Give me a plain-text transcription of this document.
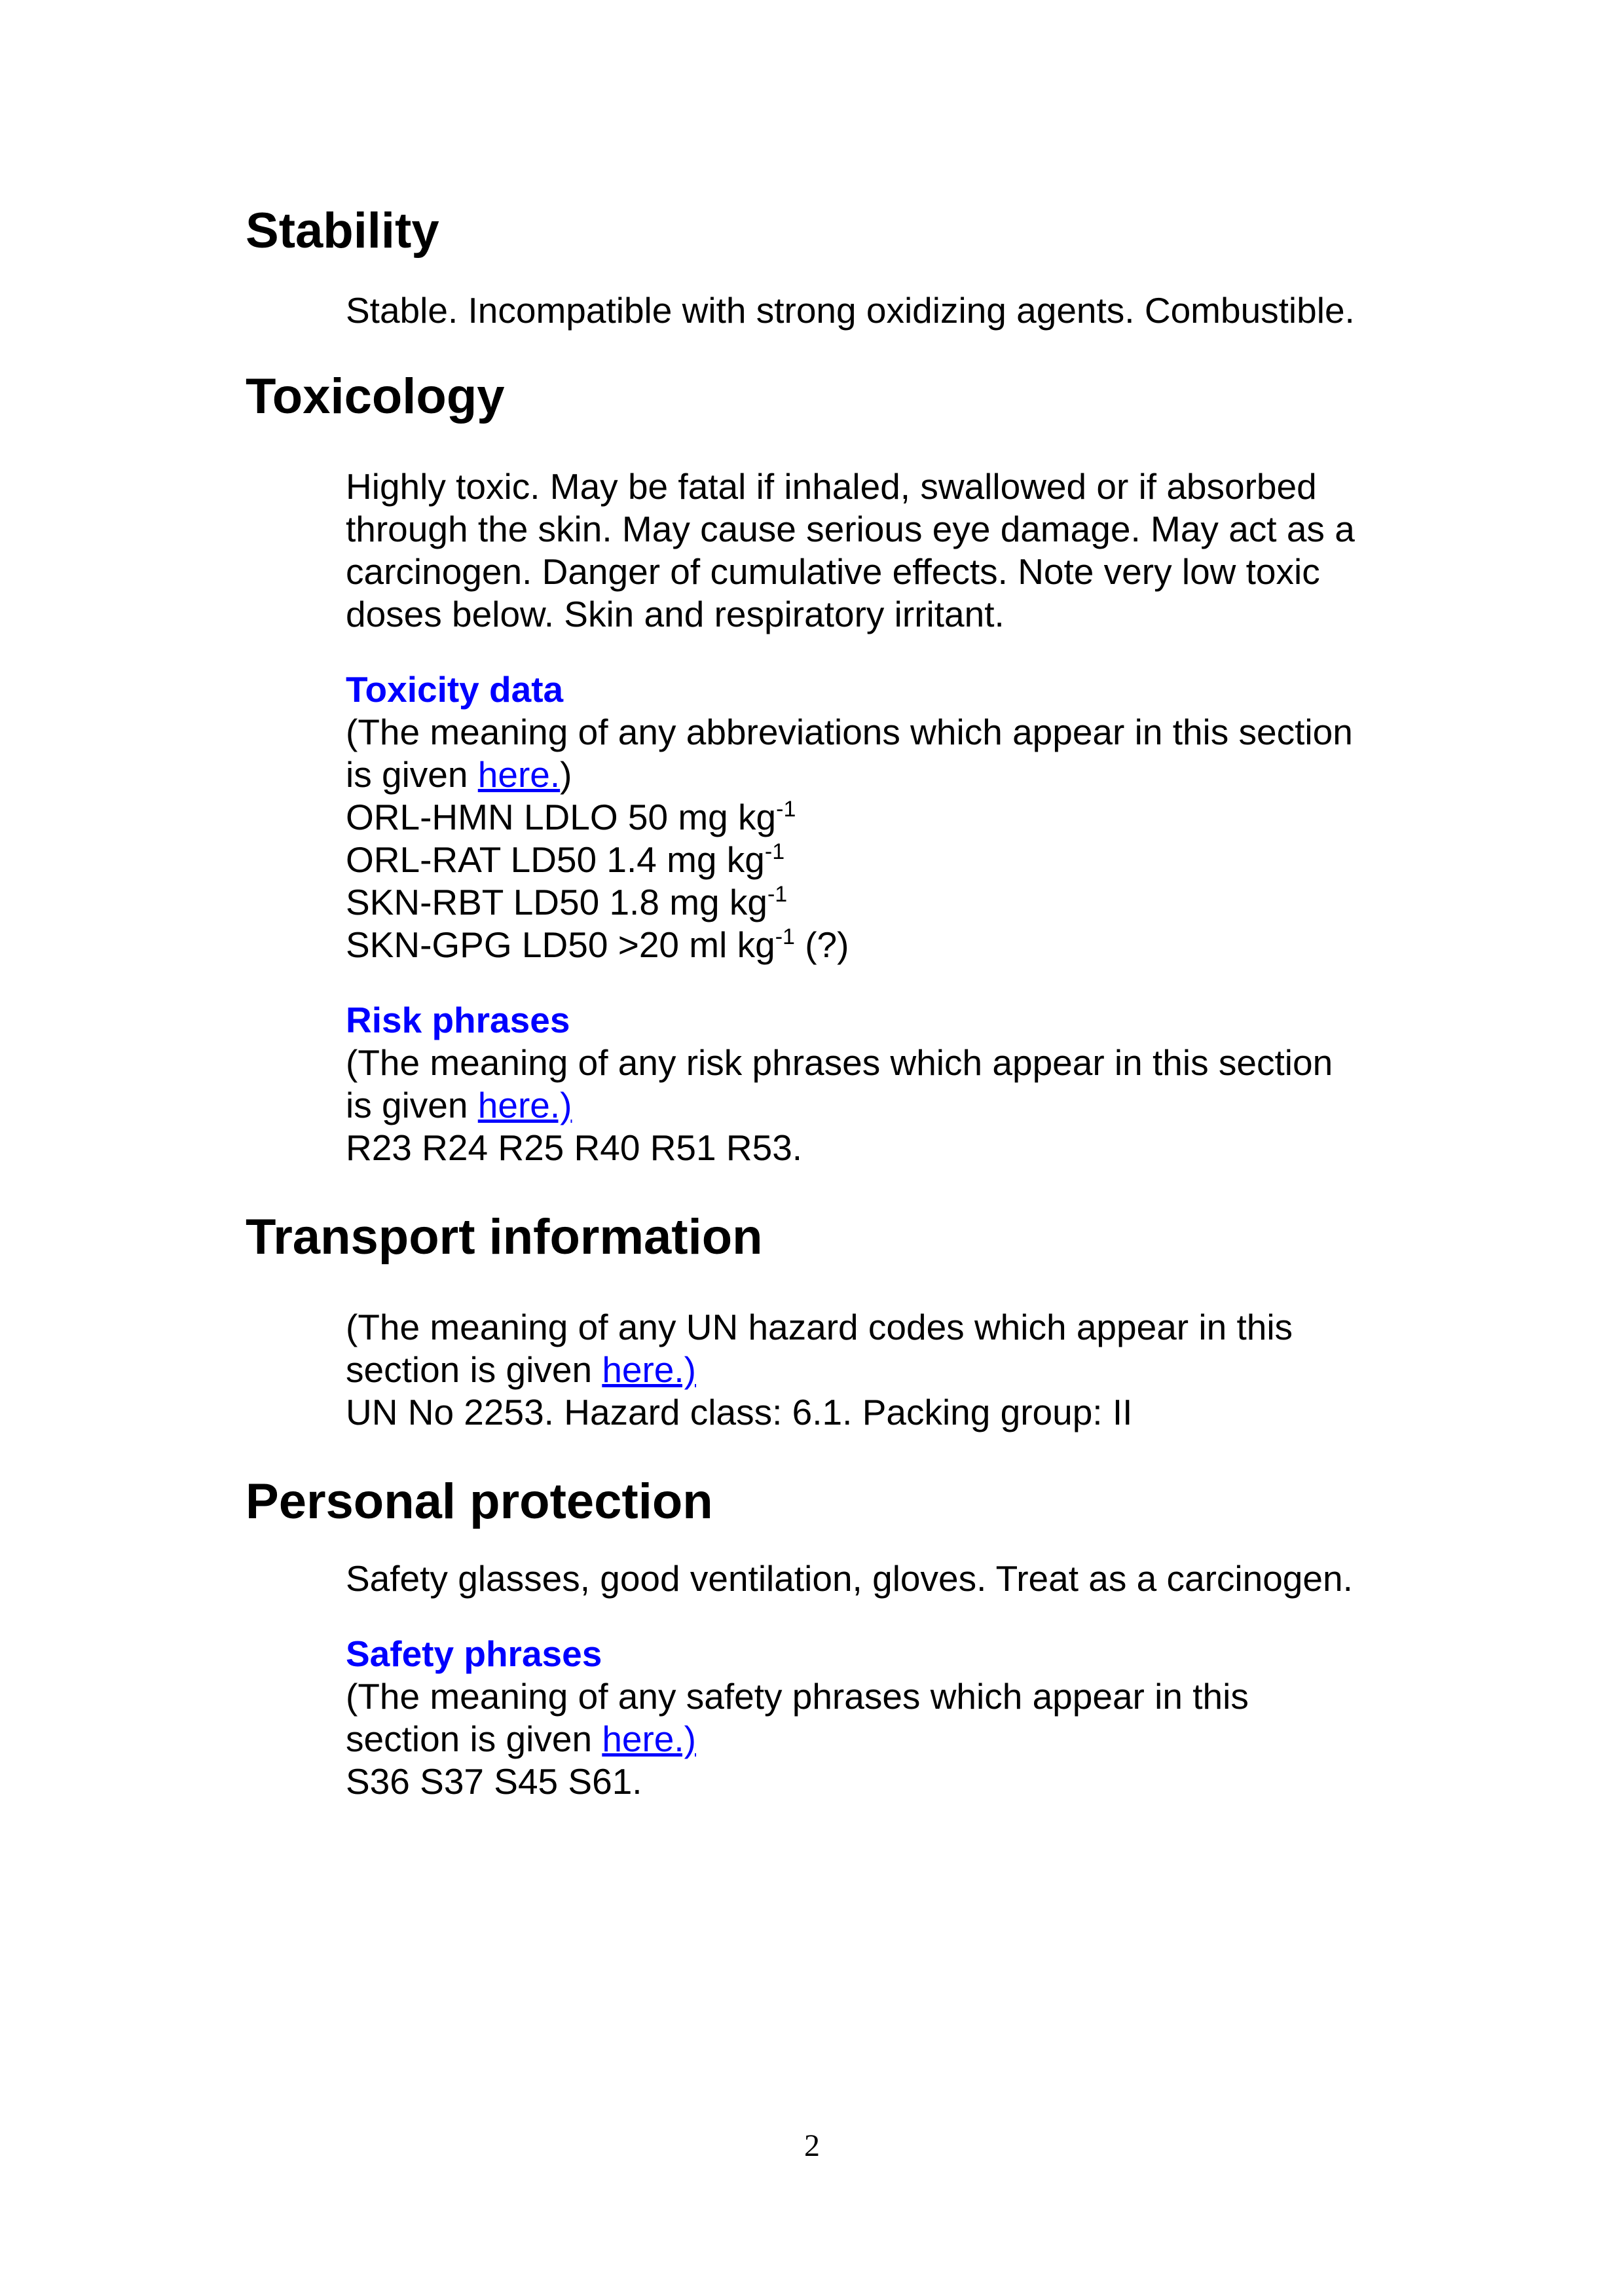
Stability
Stable. Incompatible with strong oxidizing agents. Combustible.
Toxicology
Highly toxic. May be fatal if inhaled, swallowed or if absorbed
through the skin. May cause serious eye damage. May act as a
carcinogen. Danger of cumulative effects. Note very low toxic
doses below. Skin and respiratory irritant.
Toxicity data
(The meaning of any abbreviations which appear in this section
is given here.)
ORL-HMN LDLO 50 mg $kg^{-1}$
ORL-RAT LD50 1.4 mg $kg^{-1}$
SKN-RBT LD50 1.8 mg $kg^{-1}$
SKN-GPG LD50 >20 ml $kg^{-1}$ (?)
Risk phrases
(The meaning of any risk phrases which appear in this section
is given here.)
R23 R24 R25 R40 R51 R53.
Transport information
(The meaning of any UN hazard codes which appear in this
section is given here.)
UN No 2253. Hazard class: 6.1. Packing group: II
Personal protection
Safety glasses, good ventilation, gloves. Treat as a carcinogen.
Safety phrases
(The meaning of any safety phrases which appear in this
section is given here.)
S36 S37 S45 S61.
2
